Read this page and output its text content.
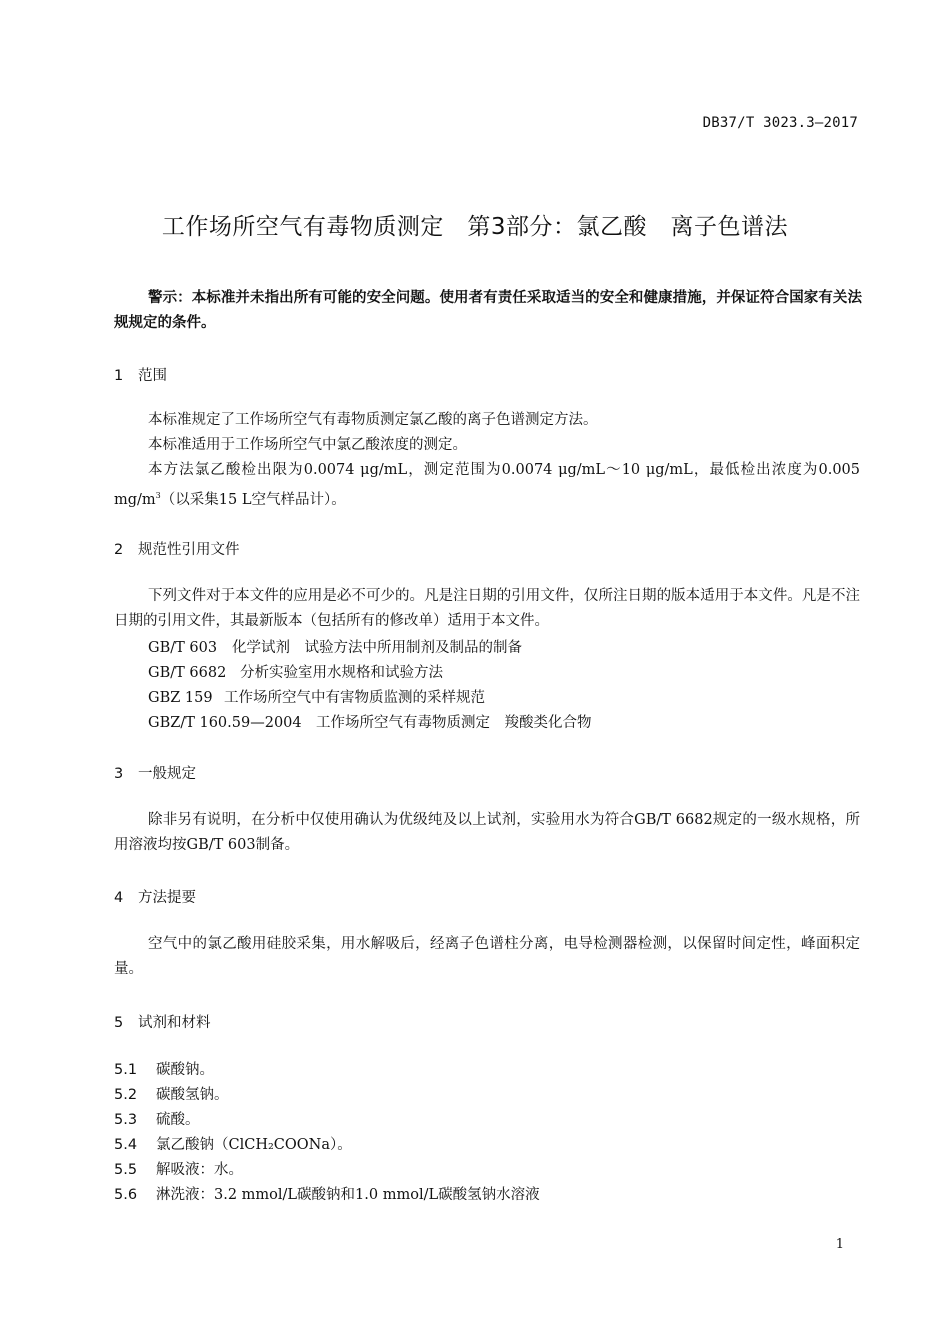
DB37/T 3023.3—2017
工作场所空气有毒物质测定　第3部分：氯乙酸　离子色谱法
警示：本标准并未指出所有可能的安全问题。使用者有责任采取适当的安全和健康措施，并保证符合国家有关法规规定的条件。
1 范围
本标准规定了工作场所空气有毒物质测定氯乙酸的离子色谱测定方法。
本标准适用于工作场所空气中氯乙酸浓度的测定。
本方法氯乙酸检出限为0.0074 μg/mL，测定范围为0.0074 μg/mL～10 μg/mL，最低检出浓度为0.005 $mg/m^3$（以采集15 L空气样品计）。
2 规范性引用文件
下列文件对于本文件的应用是必不可少的。凡是注日期的引用文件，仅所注日期的版本适用于本文件。凡是不注日期的引用文件，其最新版本（包括所有的修改单）适用于本文件。
GB/T 603 化学试剂　试验方法中所用制剂及制品的制备
GB/T 6682 分析实验室用水规格和试验方法
GBZ 159 工作场所空气中有害物质监测的采样规范
GBZ/T 160.59—2004 工作场所空气有毒物质测定　羧酸类化合物
3 一般规定
除非另有说明，在分析中仅使用确认为优级纯及以上试剂，实验用水为符合GB/T 6682规定的一级水规格，所用溶液均按GB/T 603制备。
4 方法提要
空气中的氯乙酸用硅胶采集，用水解吸后，经离子色谱柱分离，电导检测器检测，以保留时间定性，峰面积定量。
5 试剂和材料
5.1 碳酸钠。
5.2 碳酸氢钠。
5.3 硫酸。
5.4 氯乙酸钠（ClCH₂COONa）。
5.5 解吸液：水。
5.6 淋洗液：3.2 mmol/L碳酸钠和1.0 mmol/L碳酸氢钠水溶液
1
